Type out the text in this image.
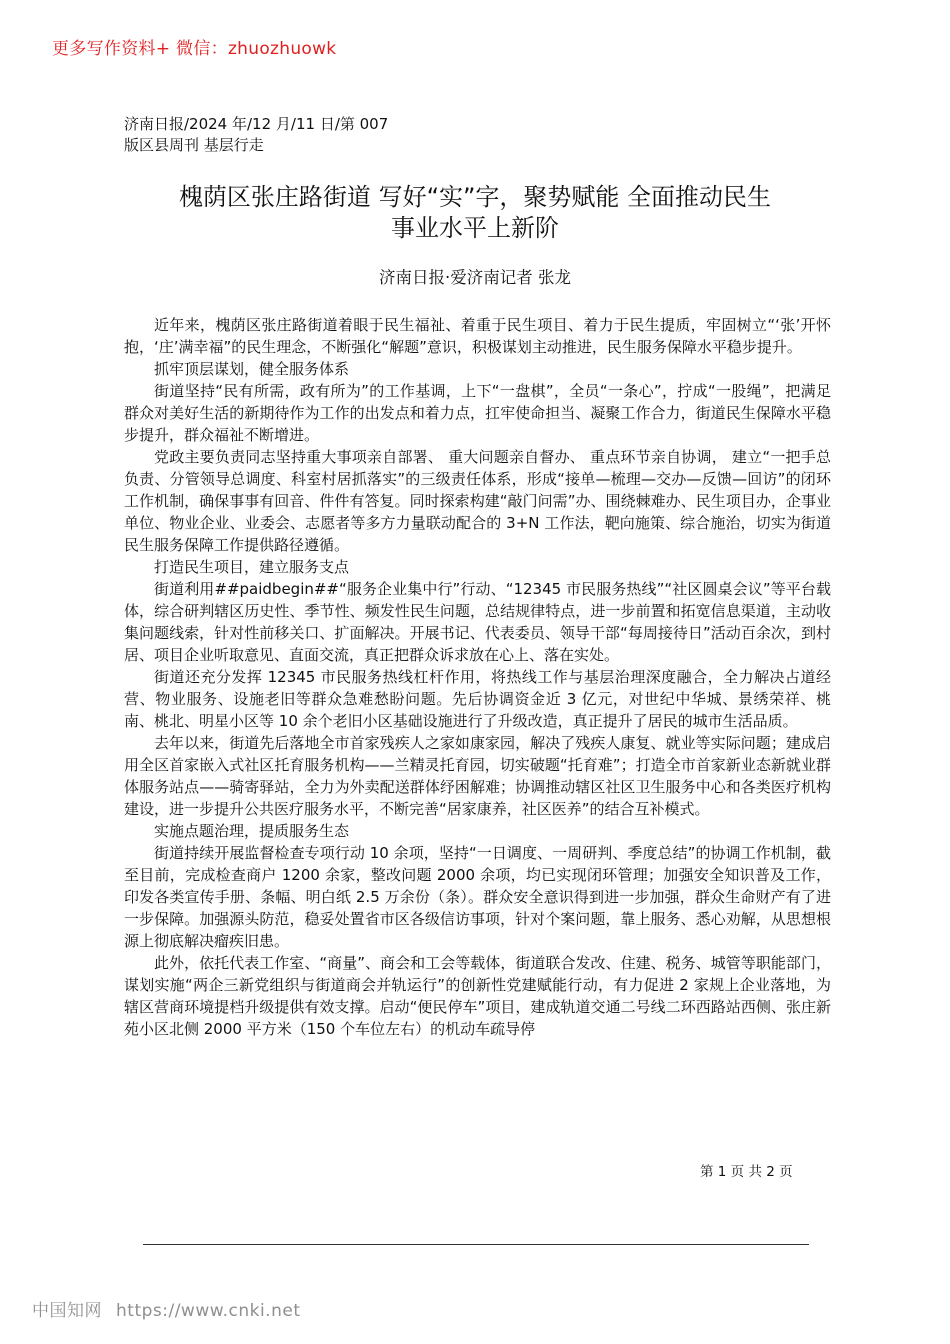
更多写作资料+ 微信：zhuozhuowk
济南日报/2024 年/12 月/11 日/第 007
版区县周刊 基层行走
槐荫区张庄路街道 写好“实”字，聚势赋能 全面推动民生
事业水平上新阶
济南日报·爱济南记者 张龙

近年来，槐荫区张庄路街道着眼于民生福祉、着重于民生项目、着力于民生提质，牢固树立“‘张’开怀抱，‘庄’满幸福”的民生理念，不断强化“解题”意识，积极谋划主动推进，民生服务保障水平稳步提升。

抓牢顶层谋划，健全服务体系

街道坚持“民有所需，政有所为”的工作基调，上下“一盘棋”，全员“一条心”，拧成“一股绳”，把满足群众对美好生活的新期待作为工作的出发点和着力点，扛牢使命担当、凝聚工作合力，街道民生保障水平稳步提升，群众福祉不断增进。

党政主要负责同志坚持重大事项亲自部署、 重大问题亲自督办、 重点环节亲自协调， 建立“一把手总负责、分管领导总调度、科室村居抓落实”的三级责任体系，形成“接单—梳理—交办—反馈—回访”的闭环工作机制，确保事事有回音、件件有答复。同时探索构建“敲门问需”办、围绕棘难办、民生项目办，企事业单位、物业企业、业委会、志愿者等多方力量联动配合的 3+N 工作法，靶向施策、综合施治，切实为街道民生服务保障工作提供路径遵循。

打造民生项目，建立服务支点

街道利用##paidbegin##“服务企业集中行”行动、“12345 市民服务热线”“社区圆桌会议”等平台载体，综合研判辖区历史性、季节性、频发性民生问题，总结规律特点，进一步前置和拓宽信息渠道，主动收集问题线索，针对性前移关口、扩面解决。开展书记、代表委员、领导干部“每周接待日”活动百余次，到村居、项目企业听取意见、直面交流，真正把群众诉求放在心上、落在实处。

街道还充分发挥 12345 市民服务热线杠杆作用，将热线工作与基层治理深度融合，全力解决占道经营、物业服务、设施老旧等群众急难愁盼问题。先后协调资金近 3 亿元，对世纪中华城、景绣荣祥、桃南、桃北、明星小区等 10 余个老旧小区基础设施进行了升级改造，真正提升了居民的城市生活品质。

去年以来，街道先后落地全市首家残疾人之家如康家园，解决了残疾人康复、就业等实际问题；建成启用全区首家嵌入式社区托育服务机构——兰精灵托育园，切实破题“托育难”；打造全市首家新业态新就业群体服务站点——骑寄驿站，全力为外卖配送群体纾困解难；协调推动辖区社区卫生服务中心和各类医疗机构建设，进一步提升公共医疗服务水平，不断完善“居家康养，社区医养”的结合互补模式。

实施点题治理，提质服务生态

街道持续开展监督检查专项行动 10 余项，坚持“一日调度、一周研判、季度总结”的协调工作机制，截至目前，完成检查商户 1200 余家，整改问题 2000 余项，均已实现闭环管理；加强安全知识普及工作，印发各类宣传手册、条幅、明白纸 2.5 万余份（条）。群众安全意识得到进一步加强，群众生命财产有了进一步保障。加强源头防范，稳妥处置省市区各级信访事项，针对个案问题，靠上服务、悉心劝解，从思想根源上彻底解决瘤疾旧患。

此外，依托代表工作室、“商量”、商会和工会等载体，街道联合发改、住建、税务、城管等职能部门，谋划实施“两企三新党组织与街道商会并轨运行”的创新性党建赋能行动，有力促进 2 家规上企业落地，为辖区营商环境提档升级提供有效支撑。启动“便民停车”项目，建成轨道交通二号线二环西路站西侧、张庄新苑小区北侧 2000 平方米（150 个车位左右）的机动车疏导停

第 1 页 共 2 页
中国知网 https://www.cnki.net
